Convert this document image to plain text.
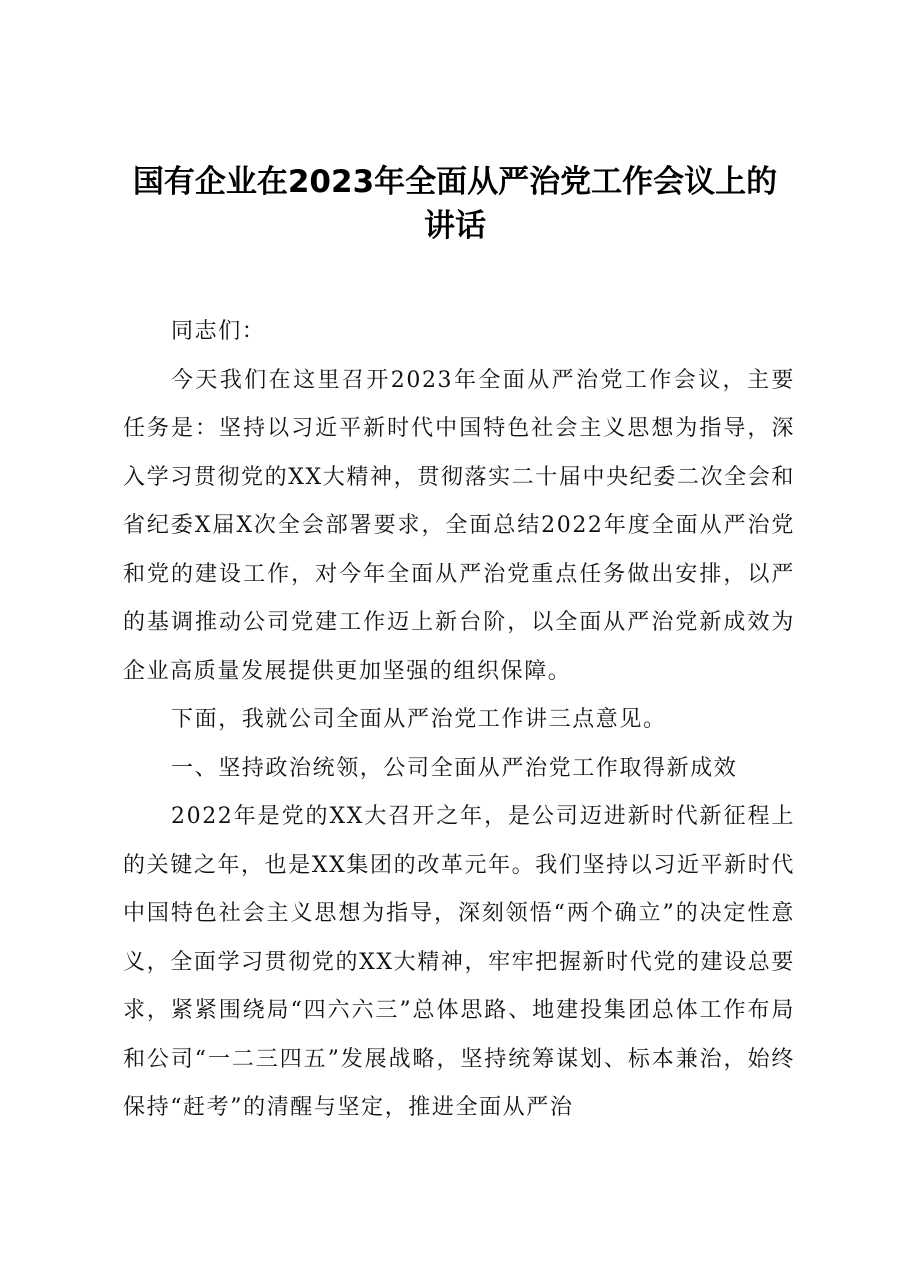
国有企业在2023年全面从严治党工作会议上的讲话

同志们：

今天我们在这里召开2023年全面从严治党工作会议，主要任务是：坚持以习近平新时代中国特色社会主义思想为指导，深入学习贯彻党的XX大精神，贯彻落实二十届中央纪委二次全会和省纪委X届X次全会部署要求，全面总结2022年度全面从严治党和党的建设工作，对今年全面从严治党重点任务做出安排，以严的基调推动公司党建工作迈上新台阶，以全面从严治党新成效为企业高质量发展提供更加坚强的组织保障。

下面，我就公司全面从严治党工作讲三点意见。

一、坚持政治统领，公司全面从严治党工作取得新成效

2022年是党的XX大召开之年，是公司迈进新时代新征程上的关键之年，也是XX集团的改革元年。我们坚持以习近平新时代中国特色社会主义思想为指导，深刻领悟“两个确立”的决定性意义，全面学习贯彻党的XX大精神，牢牢把握新时代党的建设总要求，紧紧围绕局“四六六三”总体思路、地建投集团总体工作布局和公司“一二三四五”发展战略，坚持统筹谋划、标本兼治，始终保持“赶考”的清醒与坚定，推进全面从严治
